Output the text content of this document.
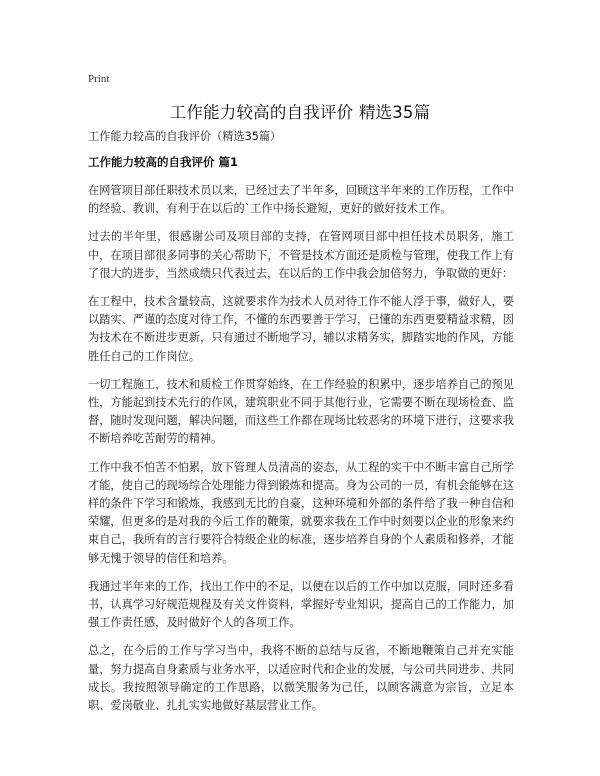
Print
工作能力较高的自我评价 精选35篇
工作能力较高的自我评价（精选35篇）
工作能力较高的自我评价 篇1

在网管项目部任职技术员以来，已经过去了半年多，回顾这半年来的工作历程，工作中的经验、教训，有利于在以后的`工作中扬长避短，更好的做好技术工作。

过去的半年里，很感谢公司及项目部的支持，在管网项目部中担任技术员职务，施工中，在项目部很多同事的关心帮助下，不管是技术方面还是质检与管理，使我工作上有了很大的进步，当然成绩只代表过去，在以后的工作中我会加倍努力，争取做的更好：

在工程中，技术含量较高，这就要求作为技术人员对待工作不能人浮于事，做好人，要以踏实、严谨的态度对待工作，不懂的东西要善于学习，已懂的东西更要精益求精，因为技术在不断进步更新，只有通过不断地学习，辅以求精务实，脚踏实地的作风，方能胜任自己的工作岗位。

一切工程施工，技术和质检工作贯穿始终，在工作经验的积累中，逐步培养自己的预见性，方能起到技术先行的作风，建筑职业不同于其他行业，它需要不断在现场检查、监督，随时发现问题，解决问题，而这些工作都在现场比较恶劣的环境下进行，这要求我不断培养吃苦耐劳的精神。

工作中我不怕苦不怕累，放下管理人员清高的姿态，从工程的实干中不断丰富自己所学才能，使自己的现场综合处理能力得到锻炼和提高。身为公司的一员，有机会能够在这样的条件下学习和锻炼，我感到无比的自豪，这种环境和外部的条件给了我一种自信和荣耀，但更多的是对我的今后工作的鞭策，就要求我在工作中时刻要以企业的形象来约束自己，我所有的言行要符合特级企业的标准，逐步培养自身的个人素质和修养，才能够无愧于领导的信任和培养。

我通过半年来的工作，找出工作中的不足，以便在以后的工作中加以克服，同时还多看书，认真学习好规范规程及有关文件资料，掌握好专业知识，提高自己的工作能力，加强工作责任感，及时做好个人的各项工作。

总之，在今后的工作与学习当中，我将不断的总结与反省，不断地鞭策自己并充实能量，努力提高自身素质与业务水平，以适应时代和企业的发展，与公司共同进步、共同成长。我按照领导确定的工作思路，以微笑服务为己任，以顾客满意为宗旨，立足本职、爱岗敬业、扎扎实实地做好基层营业工作。
